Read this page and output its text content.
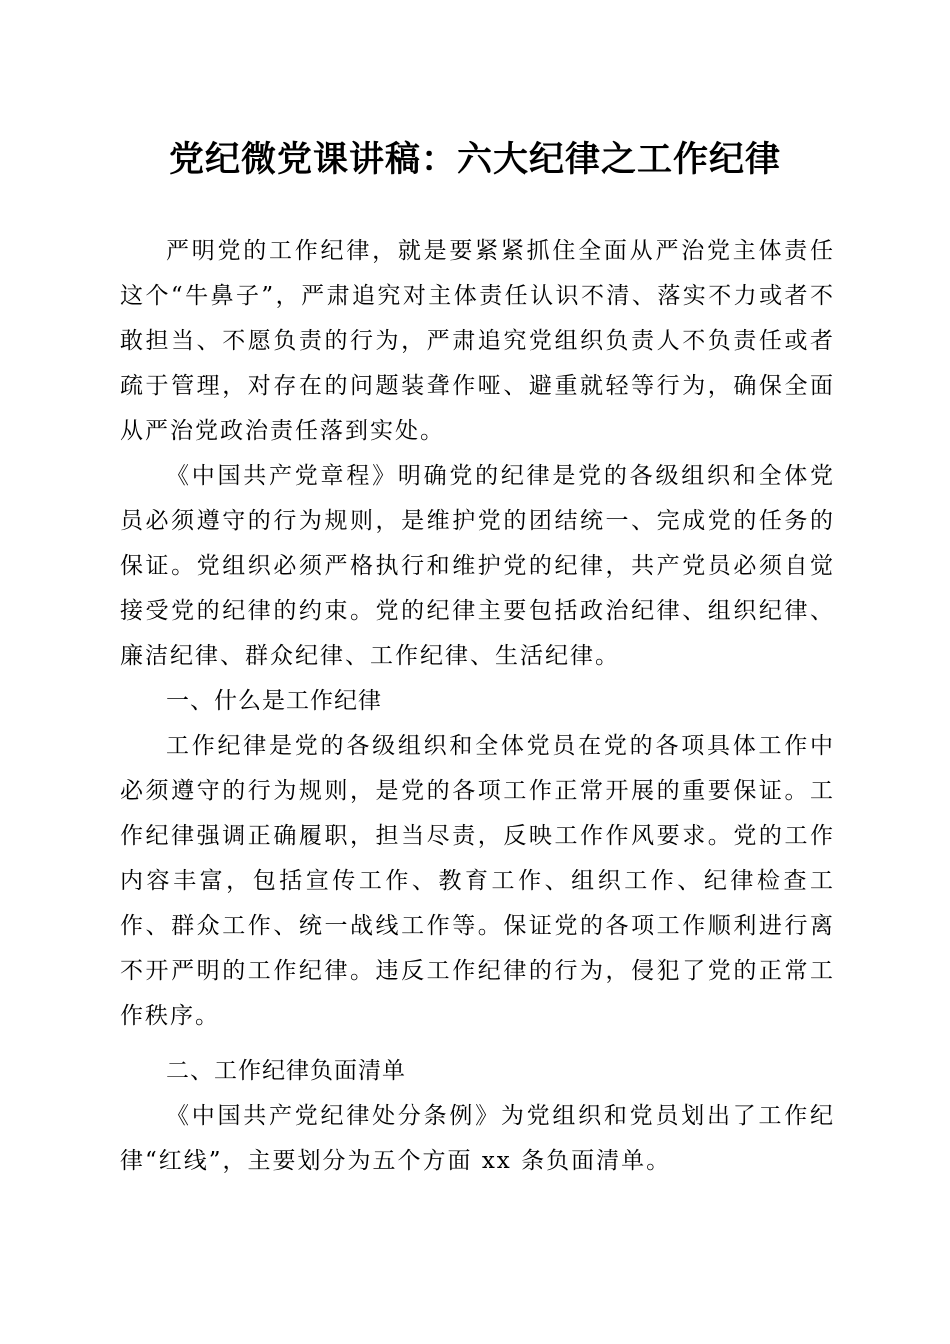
党纪微党课讲稿：六大纪律之工作纪律

严明党的工作纪律，就是要紧紧抓住全面从严治党主体责任这个“牛鼻子”，严肃追究对主体责任认识不清、落实不力或者不敢担当、不愿负责的行为，严肃追究党组织负责人不负责任或者疏于管理，对存在的问题装聋作哑、避重就轻等行为，确保全面从严治党政治责任落到实处。

《中国共产党章程》明确党的纪律是党的各级组织和全体党员必须遵守的行为规则，是维护党的团结统一、完成党的任务的保证。党组织必须严格执行和维护党的纪律，共产党员必须自觉接受党的纪律的约束。党的纪律主要包括政治纪律、组织纪律、廉洁纪律、群众纪律、工作纪律、生活纪律。

一、什么是工作纪律

工作纪律是党的各级组织和全体党员在党的各项具体工作中必须遵守的行为规则，是党的各项工作正常开展的重要保证。工作纪律强调正确履职，担当尽责，反映工作作风要求。党的工作内容丰富，包括宣传工作、教育工作、组织工作、纪律检查工作、群众工作、统一战线工作等。保证党的各项工作顺利进行离不开严明的工作纪律。违反工作纪律的行为，侵犯了党的正常工作秩序。

二、工作纪律负面清单

《中国共产党纪律处分条例》为党组织和党员划出了工作纪律“红线”，主要划分为五个方面 xx 条负面清单。
